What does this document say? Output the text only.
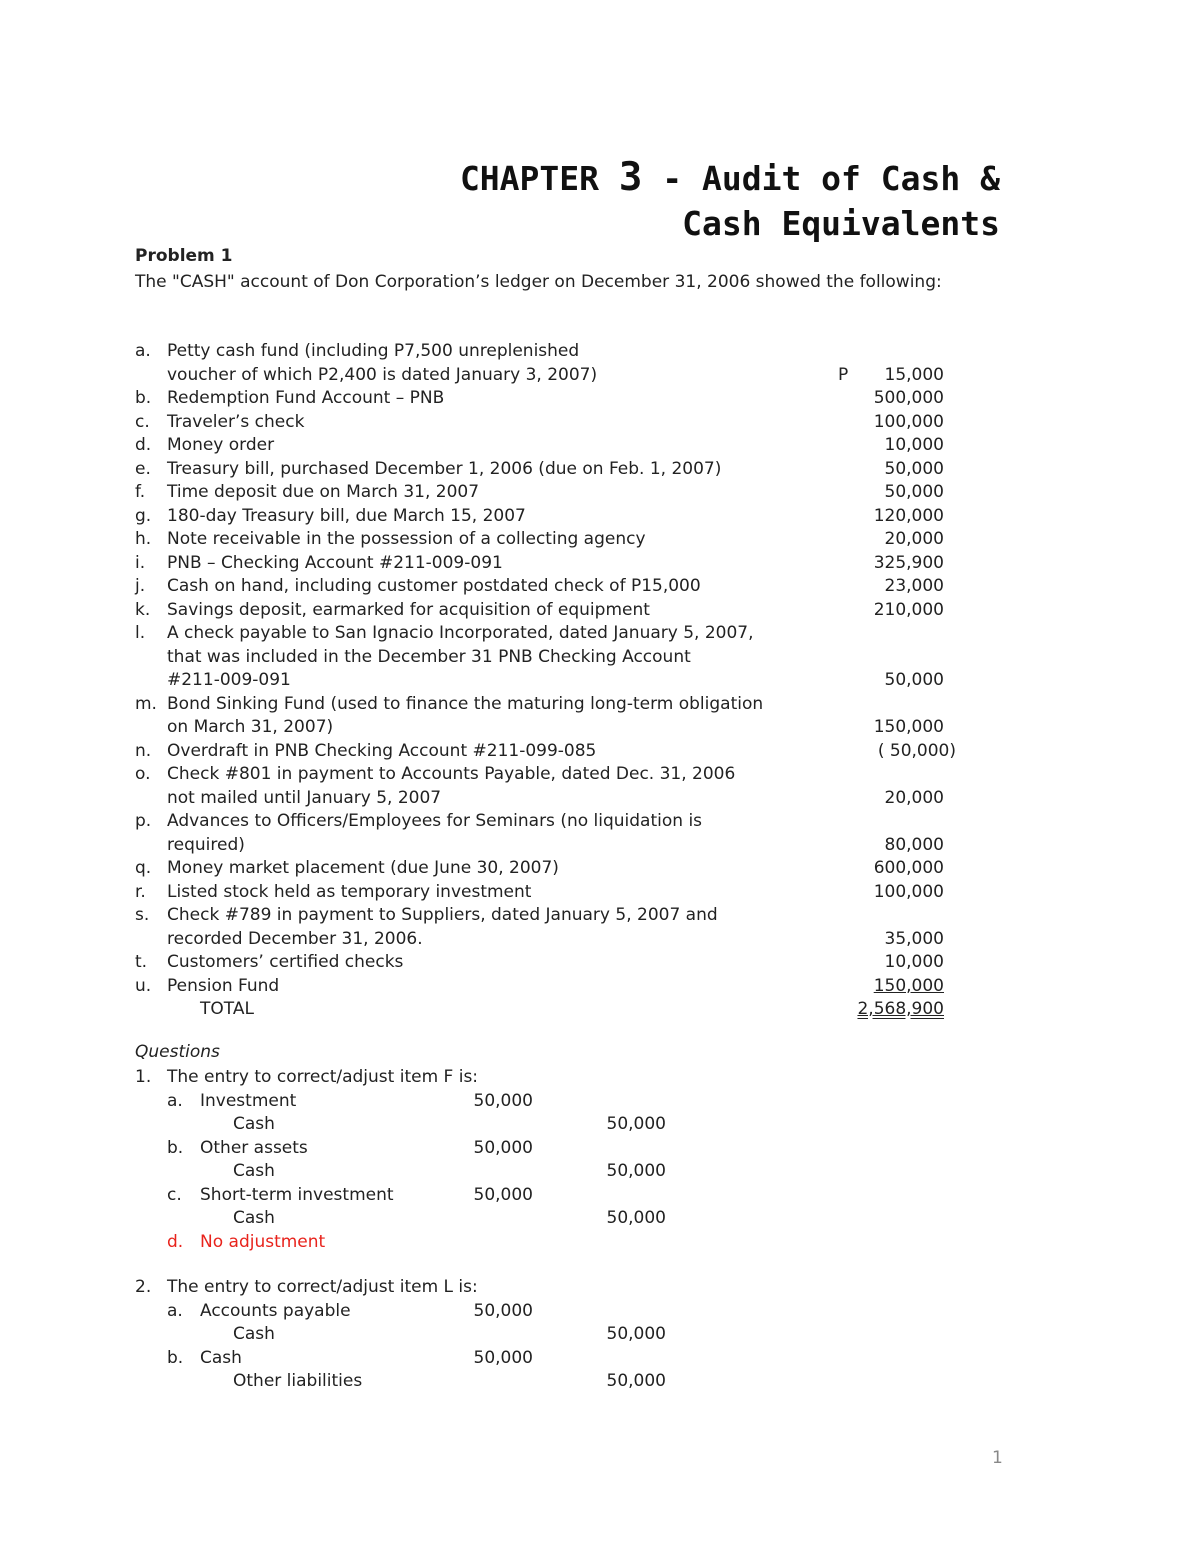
CHAPTER 3 - Audit of Cash &
Cash Equivalents
Problem 1
The "CASH" account of Don Corporation’s ledger on December 31, 2006 showed the following:
a. Petty cash fund (including P7,500 unreplenished
voucher of which P2,400 is dated January 3, 2007)	P 15,000
b. Redemption Fund Account – PNB	500,000
c. Traveler’s check	100,000
d. Money order	10,000
e. Treasury bill, purchased December 1, 2006 (due on Feb. 1, 2007)	50,000
f. Time deposit due on March 31, 2007	50,000
g. 180-day Treasury bill, due March 15, 2007	120,000
h. Note receivable in the possession of a collecting agency	20,000
i. PNB – Checking Account #211-009-091	325,900
j. Cash on hand, including customer postdated check of P15,000	23,000
k. Savings deposit, earmarked for acquisition of equipment	210,000
l. A check payable to San Ignacio Incorporated, dated January 5, 2007,
that was included in the December 31 PNB Checking Account
#211-009-091	50,000
m. Bond Sinking Fund (used to finance the maturing long-term obligation
on March 31, 2007)	150,000
n. Overdraft in PNB Checking Account #211-099-085	( 50,000)
o. Check #801 in payment to Accounts Payable, dated Dec. 31, 2006
not mailed until January 5, 2007	20,000
p. Advances to Officers/Employees for Seminars (no liquidation is
required)	80,000
q. Money market placement (due June 30, 2007)	600,000
r. Listed stock held as temporary investment	100,000
s. Check #789 in payment to Suppliers, dated January 5, 2007 and
recorded December 31, 2006.	35,000
t. Customers’ certified checks	10,000
u. Pension Fund	150,000
TOTAL	2,568,900
Questions
1. The entry to correct/adjust item F is:
a. Investment	50,000
Cash	50,000
b. Other assets	50,000
Cash	50,000
c. Short-term investment	50,000
Cash	50,000
d. No adjustment
2. The entry to correct/adjust item L is:
a. Accounts payable	50,000
Cash	50,000
b. Cash	50,000
Other liabilities	50,000
1
